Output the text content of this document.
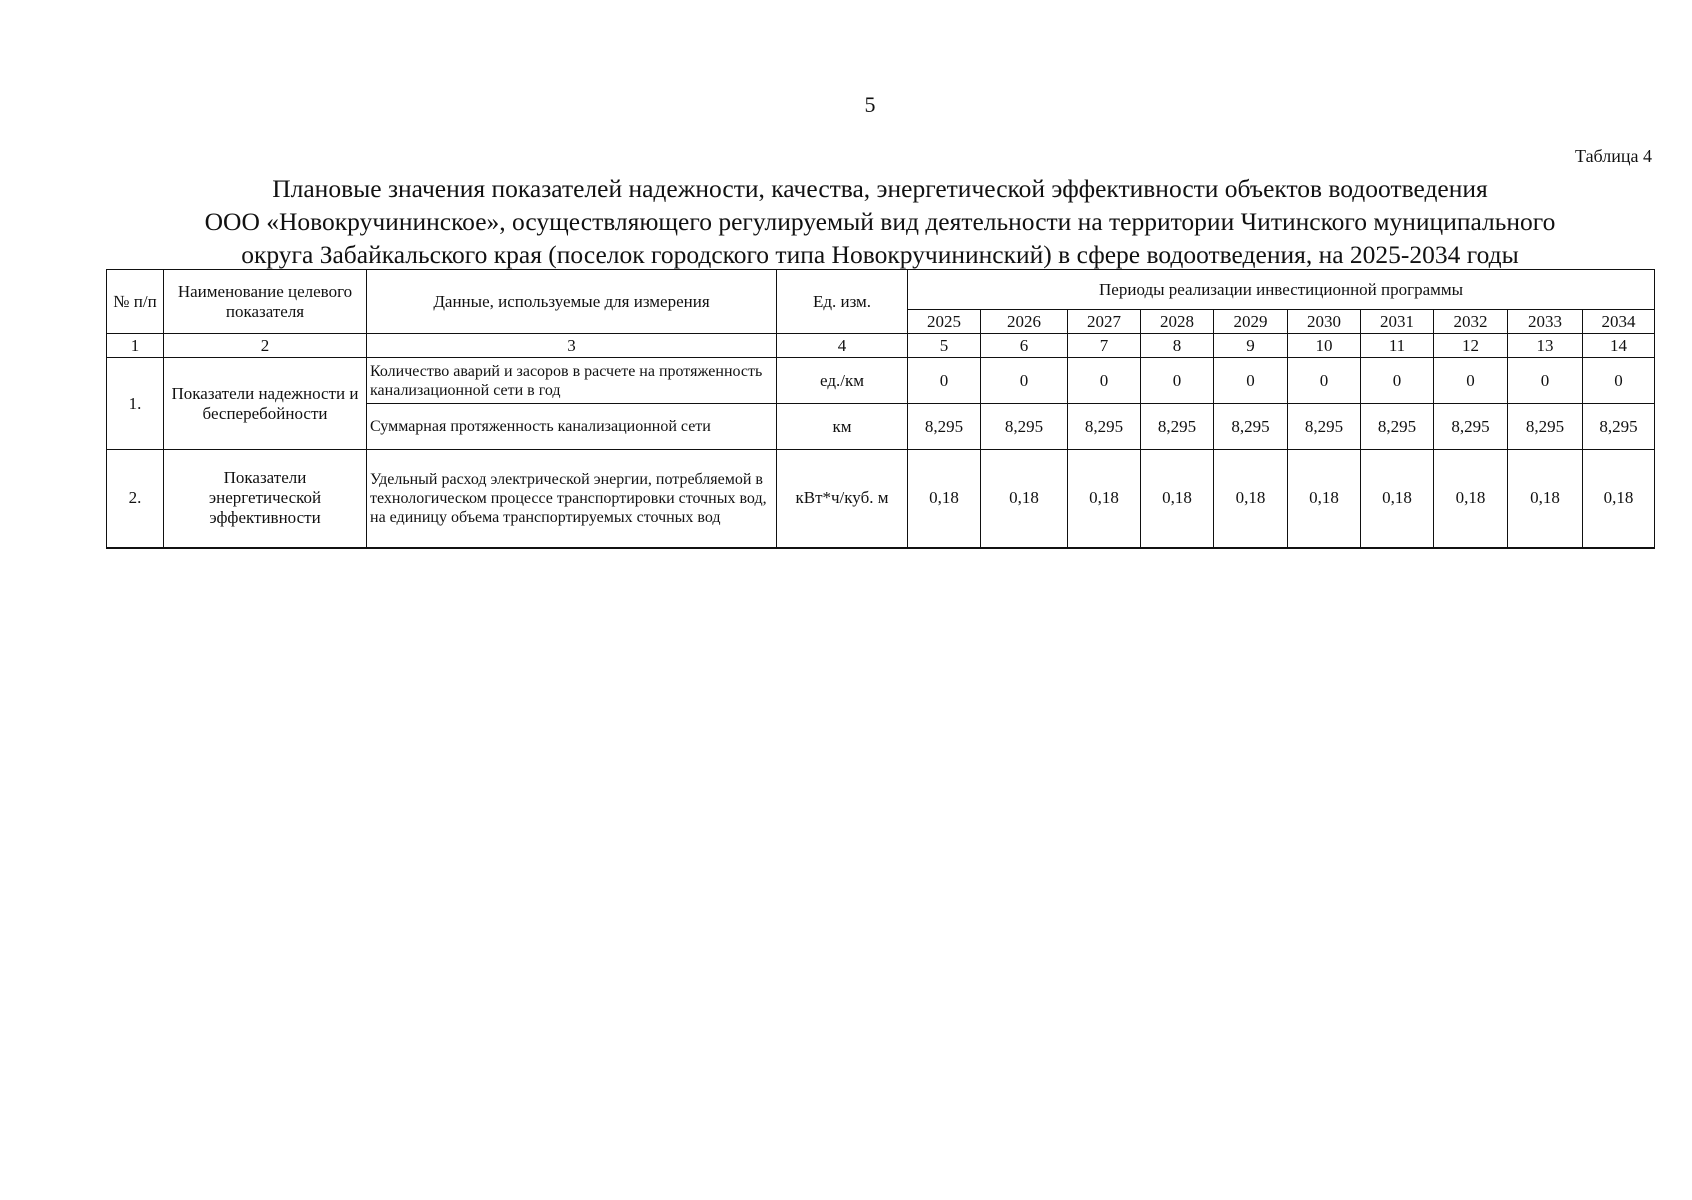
5
Таблица 4
Плановые значения показателей надежности, качества, энергетической эффективности объектов водоотведения
ООО «Новокручининское», осуществляющего регулируемый вид деятельности на территории Читинского муниципального
округа Забайкальского края (поселок городского типа Новокручининский) в сфере водоотведения, на 2025-2034 годы
№ п/п	Наименование целевого показателя	Данные, используемые для измерения	Ед. изм.	Периоды реализации инвестиционной программы									
				2025	2026	2027	2028	2029	2030	2031	2032	2033	2034
1	2	3	4	5	6	7	8	9	10	11	12	13	14
1.	Показатели надежности и бесперебойности	Количество аварий и засоров в расчете на протяженность канализационной сети в год	ед./км	0	0	0	0	0	0	0	0	0	0
		Суммарная протяженность канализационной сети	км	8,295	8,295	8,295	8,295	8,295	8,295	8,295	8,295	8,295	8,295
2.	Показатели энергетической эффективности	Удельный расход электрической энергии, потребляемой в технологическом процессе транспортировки сточных вод, на единицу объема транспортируемых сточных вод	кВт*ч/куб. м	0,18	0,18	0,18	0,18	0,18	0,18	0,18	0,18	0,18	0,18
